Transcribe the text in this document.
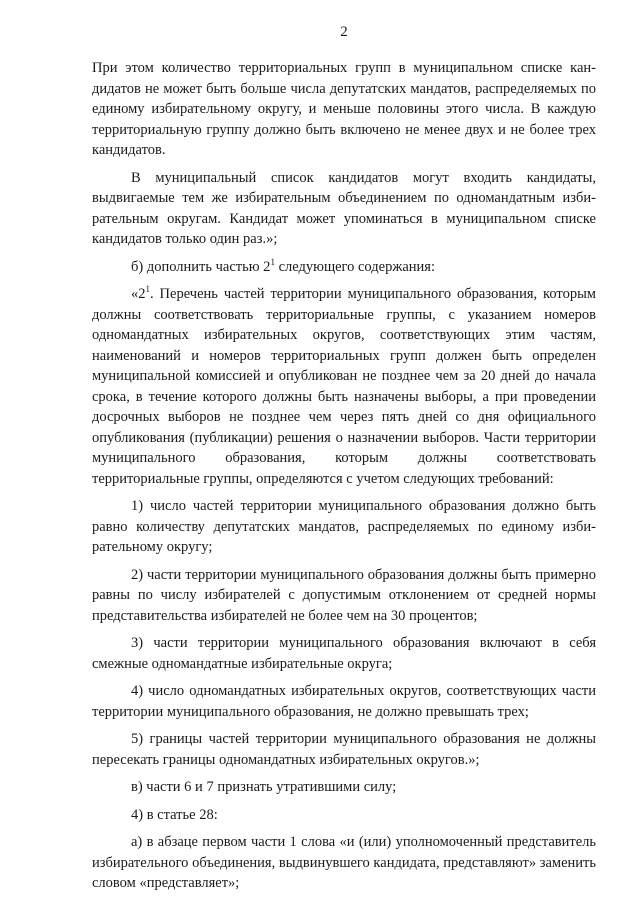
2

При этом количество территориальных групп в муниципальном списке кандидатов не может быть больше числа депутатских мандатов, распределяемых по единому избирательному округу, и меньше половины этого числа. В каждую территориальную группу должно быть включено не менее двух и не более трех кандидатов.

В муниципальный список кандидатов могут входить кандидаты, выдвигаемые тем же избирательным объединением по одномандатным избирательным округам. Кандидат может упоминаться в муниципальном списке кандидатов только один раз.»;

б) дополнить частью $2^1$ следующего содержания:

«$2^1$. Перечень частей территории муниципального образования, которым должны соответствовать территориальные группы, с указанием номеров одномандатных избирательных округов, соответствующих этим частям, наименований и номеров территориальных групп должен быть определен муниципальной комиссией и опубликован не позднее чем за 20 дней до начала срока, в течение которого должны быть назначены выборы, а при проведении досрочных выборов не позднее чем через пять дней со дня официального опубликования (публикации) решения о назначении выборов. Части территории муниципального образования, которым должны соответствовать территориальные группы, определяются с учетом следующих требований:

1) число частей территории муниципального образования должно быть равно количеству депутатских мандатов, распределяемых по единому избирательному округу;

2) части территории муниципального образования должны быть примерно равны по числу избирателей с допустимым отклонением от средней нормы представительства избирателей не более чем на 30 процентов;

3) части территории муниципального образования включают в себя смежные одномандатные избирательные округа;

4) число одномандатных избирательных округов, соответствующих части территории муниципального образования, не должно превышать трех;

5) границы частей территории муниципального образования не должны пересекать границы одномандатных избирательных округов.»;

в) части 6 и 7 признать утратившими силу;

4) в статье 28:

а) в абзаце первом части 1 слова «и (или) уполномоченный представитель избирательного объединения, выдвинувшего кандидата, представляют» заменить словом «представляет»;
